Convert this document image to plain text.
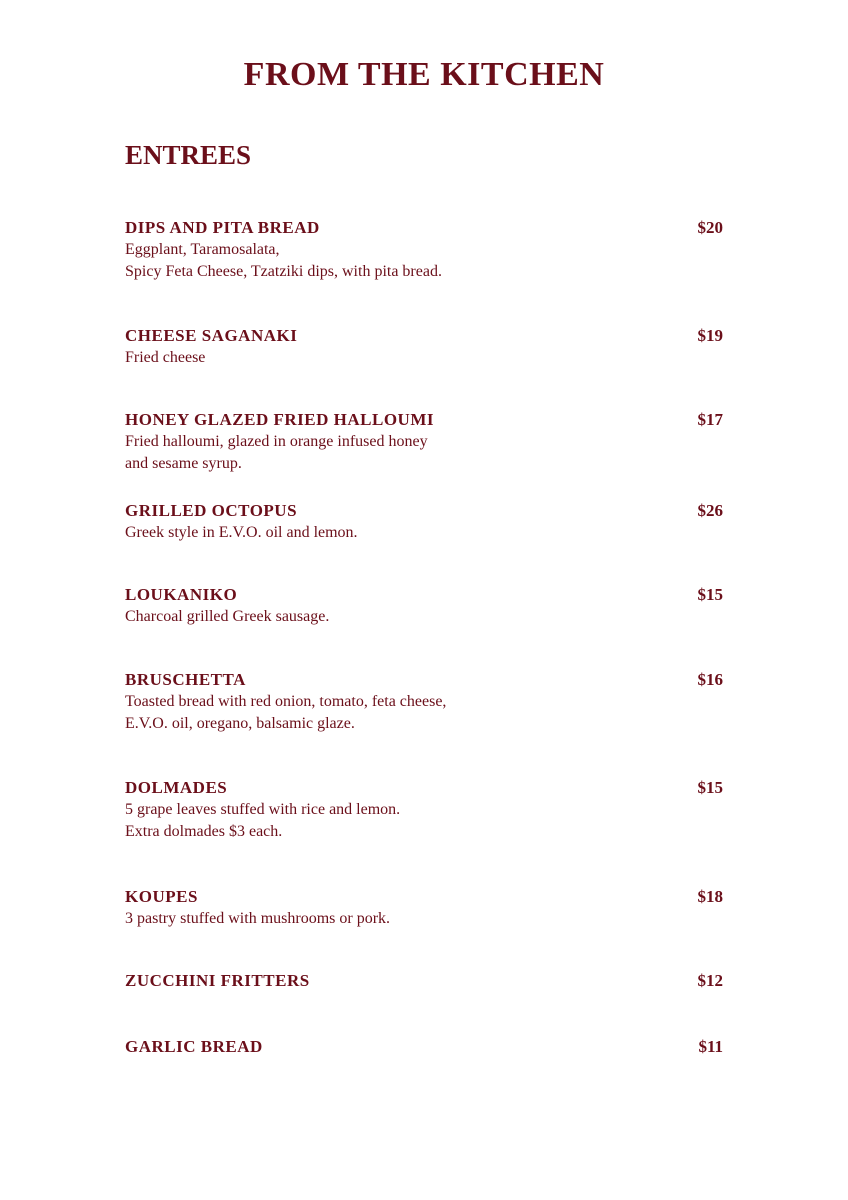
FROM THE KITCHEN
ENTREES
DIPS AND PITA BREAD	$20
Eggplant, Taramosalata,
Spicy Feta Cheese, Tzatziki dips, with pita bread.
CHEESE SAGANAKI	$19
Fried cheese
HONEY GLAZED FRIED HALLOUMI	$17
Fried halloumi, glazed in orange infused honey
and sesame syrup.
GRILLED OCTOPUS	$26
Greek style in E.V.O. oil and lemon.
LOUKANIKO	$15
Charcoal grilled Greek sausage.
BRUSCHETTA	$16
Toasted bread with red onion, tomato, feta cheese,
E.V.O. oil, oregano, balsamic glaze.
DOLMADES	$15
5 grape leaves stuffed with rice and lemon.
Extra dolmades $3 each.
KOUPES	$18
3 pastry stuffed with mushrooms or pork.
ZUCCHINI FRITTERS	$12
GARLIC BREAD	$11
